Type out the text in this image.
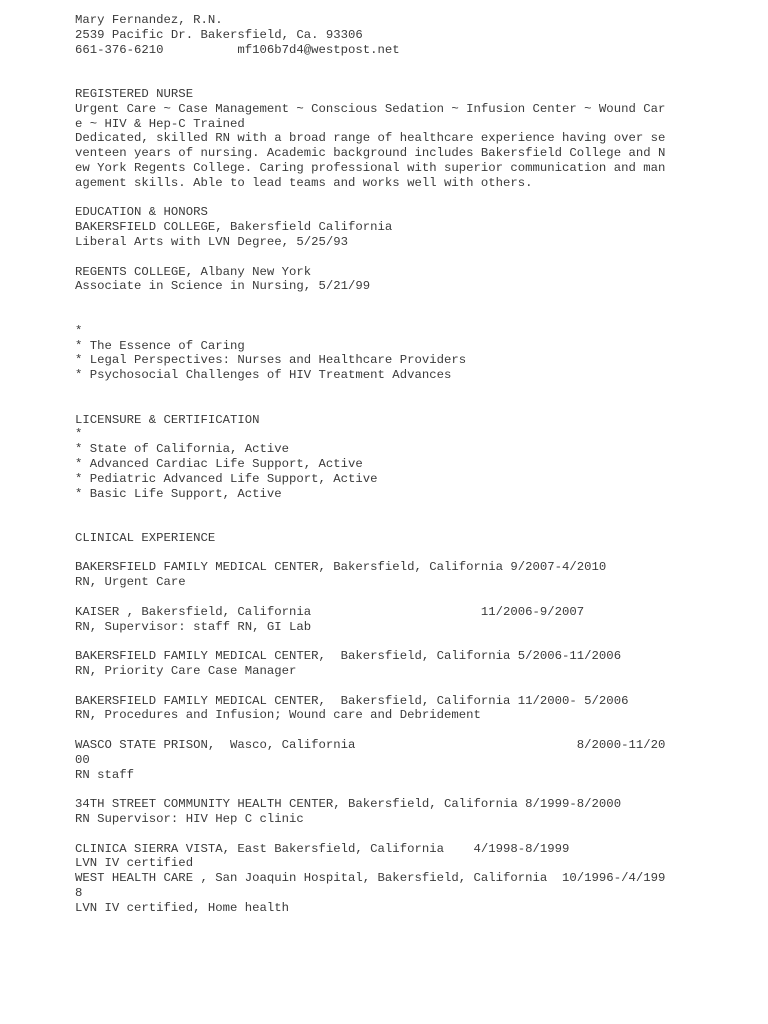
Mary Fernandez, R.N.
2539 Pacific Dr. Bakersfield, Ca. 93306
661-376-6210          mf106b7d4@westpost.net
REGISTERED NURSE
Urgent Care ~ Case Management ~ Conscious Sedation ~ Infusion Center ~ Wound Car
e ~ HIV & Hep-C Trained
Dedicated, skilled RN with a broad range of healthcare experience having over se
venteen years of nursing. Academic background includes Bakersfield College and N
ew York Regents College. Caring professional with superior communication and man
agement skills. Able to lead teams and works well with others.
EDUCATION & HONORS
BAKERSFIELD COLLEGE, Bakersfield California
Liberal Arts with LVN Degree, 5/25/93
REGENTS COLLEGE, Albany New York
Associate in Science in Nursing, 5/21/99
*
* The Essence of Caring
* Legal Perspectives: Nurses and Healthcare Providers
* Psychosocial Challenges of HIV Treatment Advances
LICENSURE & CERTIFICATION
*
* State of California, Active
* Advanced Cardiac Life Support, Active
* Pediatric Advanced Life Support, Active
* Basic Life Support, Active
CLINICAL EXPERIENCE
BAKERSFIELD FAMILY MEDICAL CENTER, Bakersfield, California 9/2007-4/2010
RN, Urgent Care
KAISER , Bakersfield, California                       11/2006-9/2007
RN, Supervisor: staff RN, GI Lab
BAKERSFIELD FAMILY MEDICAL CENTER,  Bakersfield, California 5/2006-11/2006
RN, Priority Care Case Manager
BAKERSFIELD FAMILY MEDICAL CENTER,  Bakersfield, California 11/2000- 5/2006
RN, Procedures and Infusion; Wound care and Debridement
WASCO STATE PRISON,  Wasco, California                              8/2000-11/20
00
RN staff
34TH STREET COMMUNITY HEALTH CENTER, Bakersfield, California 8/1999-8/2000
RN Supervisor: HIV Hep C clinic
CLINICA SIERRA VISTA, East Bakersfield, California    4/1998-8/1999
LVN IV certified
WEST HEALTH CARE , San Joaquin Hospital, Bakersfield, California  10/1996-/4/199
8
LVN IV certified, Home health
